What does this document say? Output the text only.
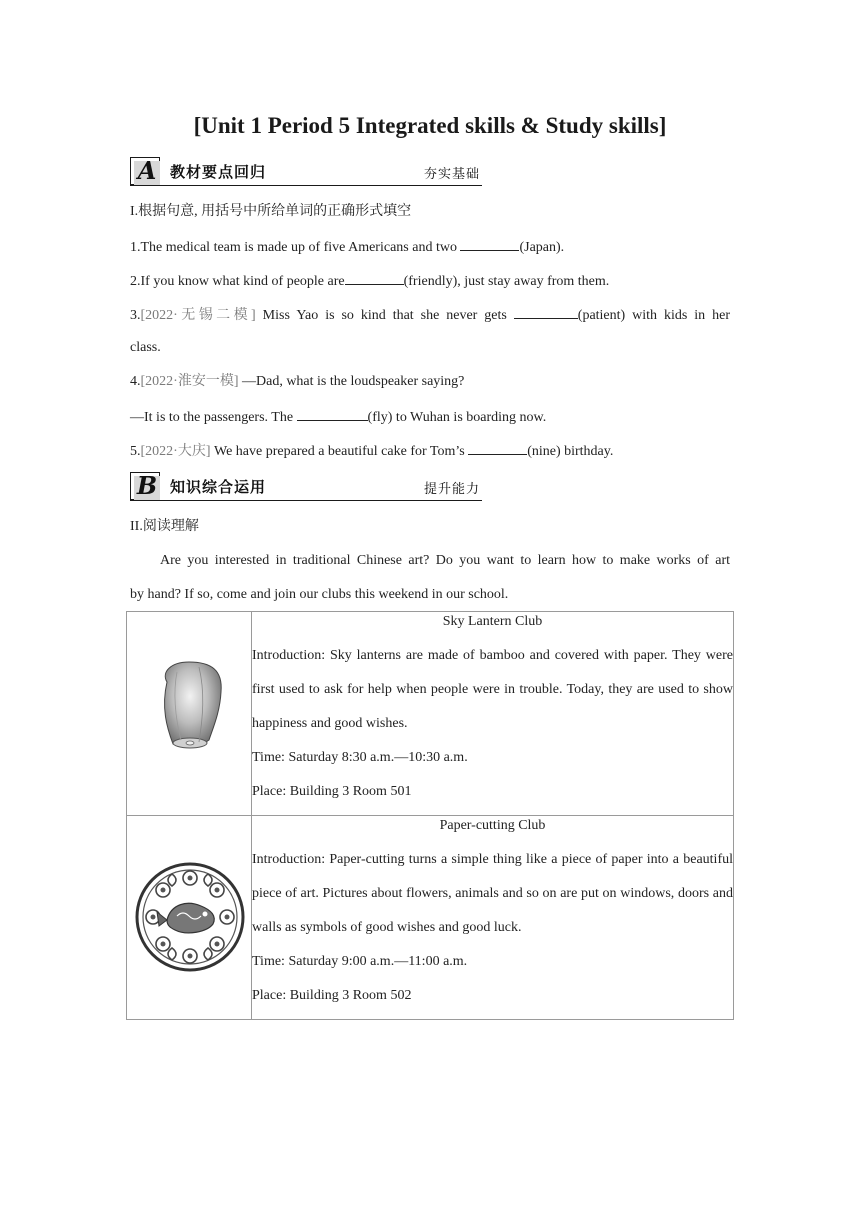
[Unit 1 Period 5 Integrated skills & Study skills]
A 教材要点回归	夯实基础
I.根据句意, 用括号中所给单词的正确形式填空
1.The medical team is made up of five Americans and two	(Japan).
2.If you know what kind of people are	(friendly), just stay away from them.
3.[2022·无锡二模] Miss Yao is so kind that she never gets	(patient) with kids in her
class.
4.[2022·淮安一模] —Dad, what is the loudspeaker saying?
—It is to the passengers. The	(fly) to Wuhan is boarding now.
5.[2022·大庆] We have prepared a beautiful cake for Tom’s	(nine) birthday.
B 知识综合运用	提升能力
II.阅读理解
Are you interested in traditional Chinese art? Do you want to learn how to make works of art
by hand? If so, come and join our clubs this weekend in our school.

Sky Lantern Club
Introduction: Sky lanterns are made of bamboo and covered with paper. They were first used to ask for help when people were in trouble. Today, they are used to show happiness and good wishes.
Time: Saturday 8:30 a.m.—10:30 a.m.
Place: Building 3 Room 501

Paper-cutting Club
Introduction: Paper-cutting turns a simple thing like a piece of paper into a beautiful piece of art. Pictures about flowers, animals and so on are put on windows, doors and walls as symbols of good wishes and good luck.
Time: Saturday 9:00 a.m.—11:00 a.m.
Place: Building 3 Room 502
